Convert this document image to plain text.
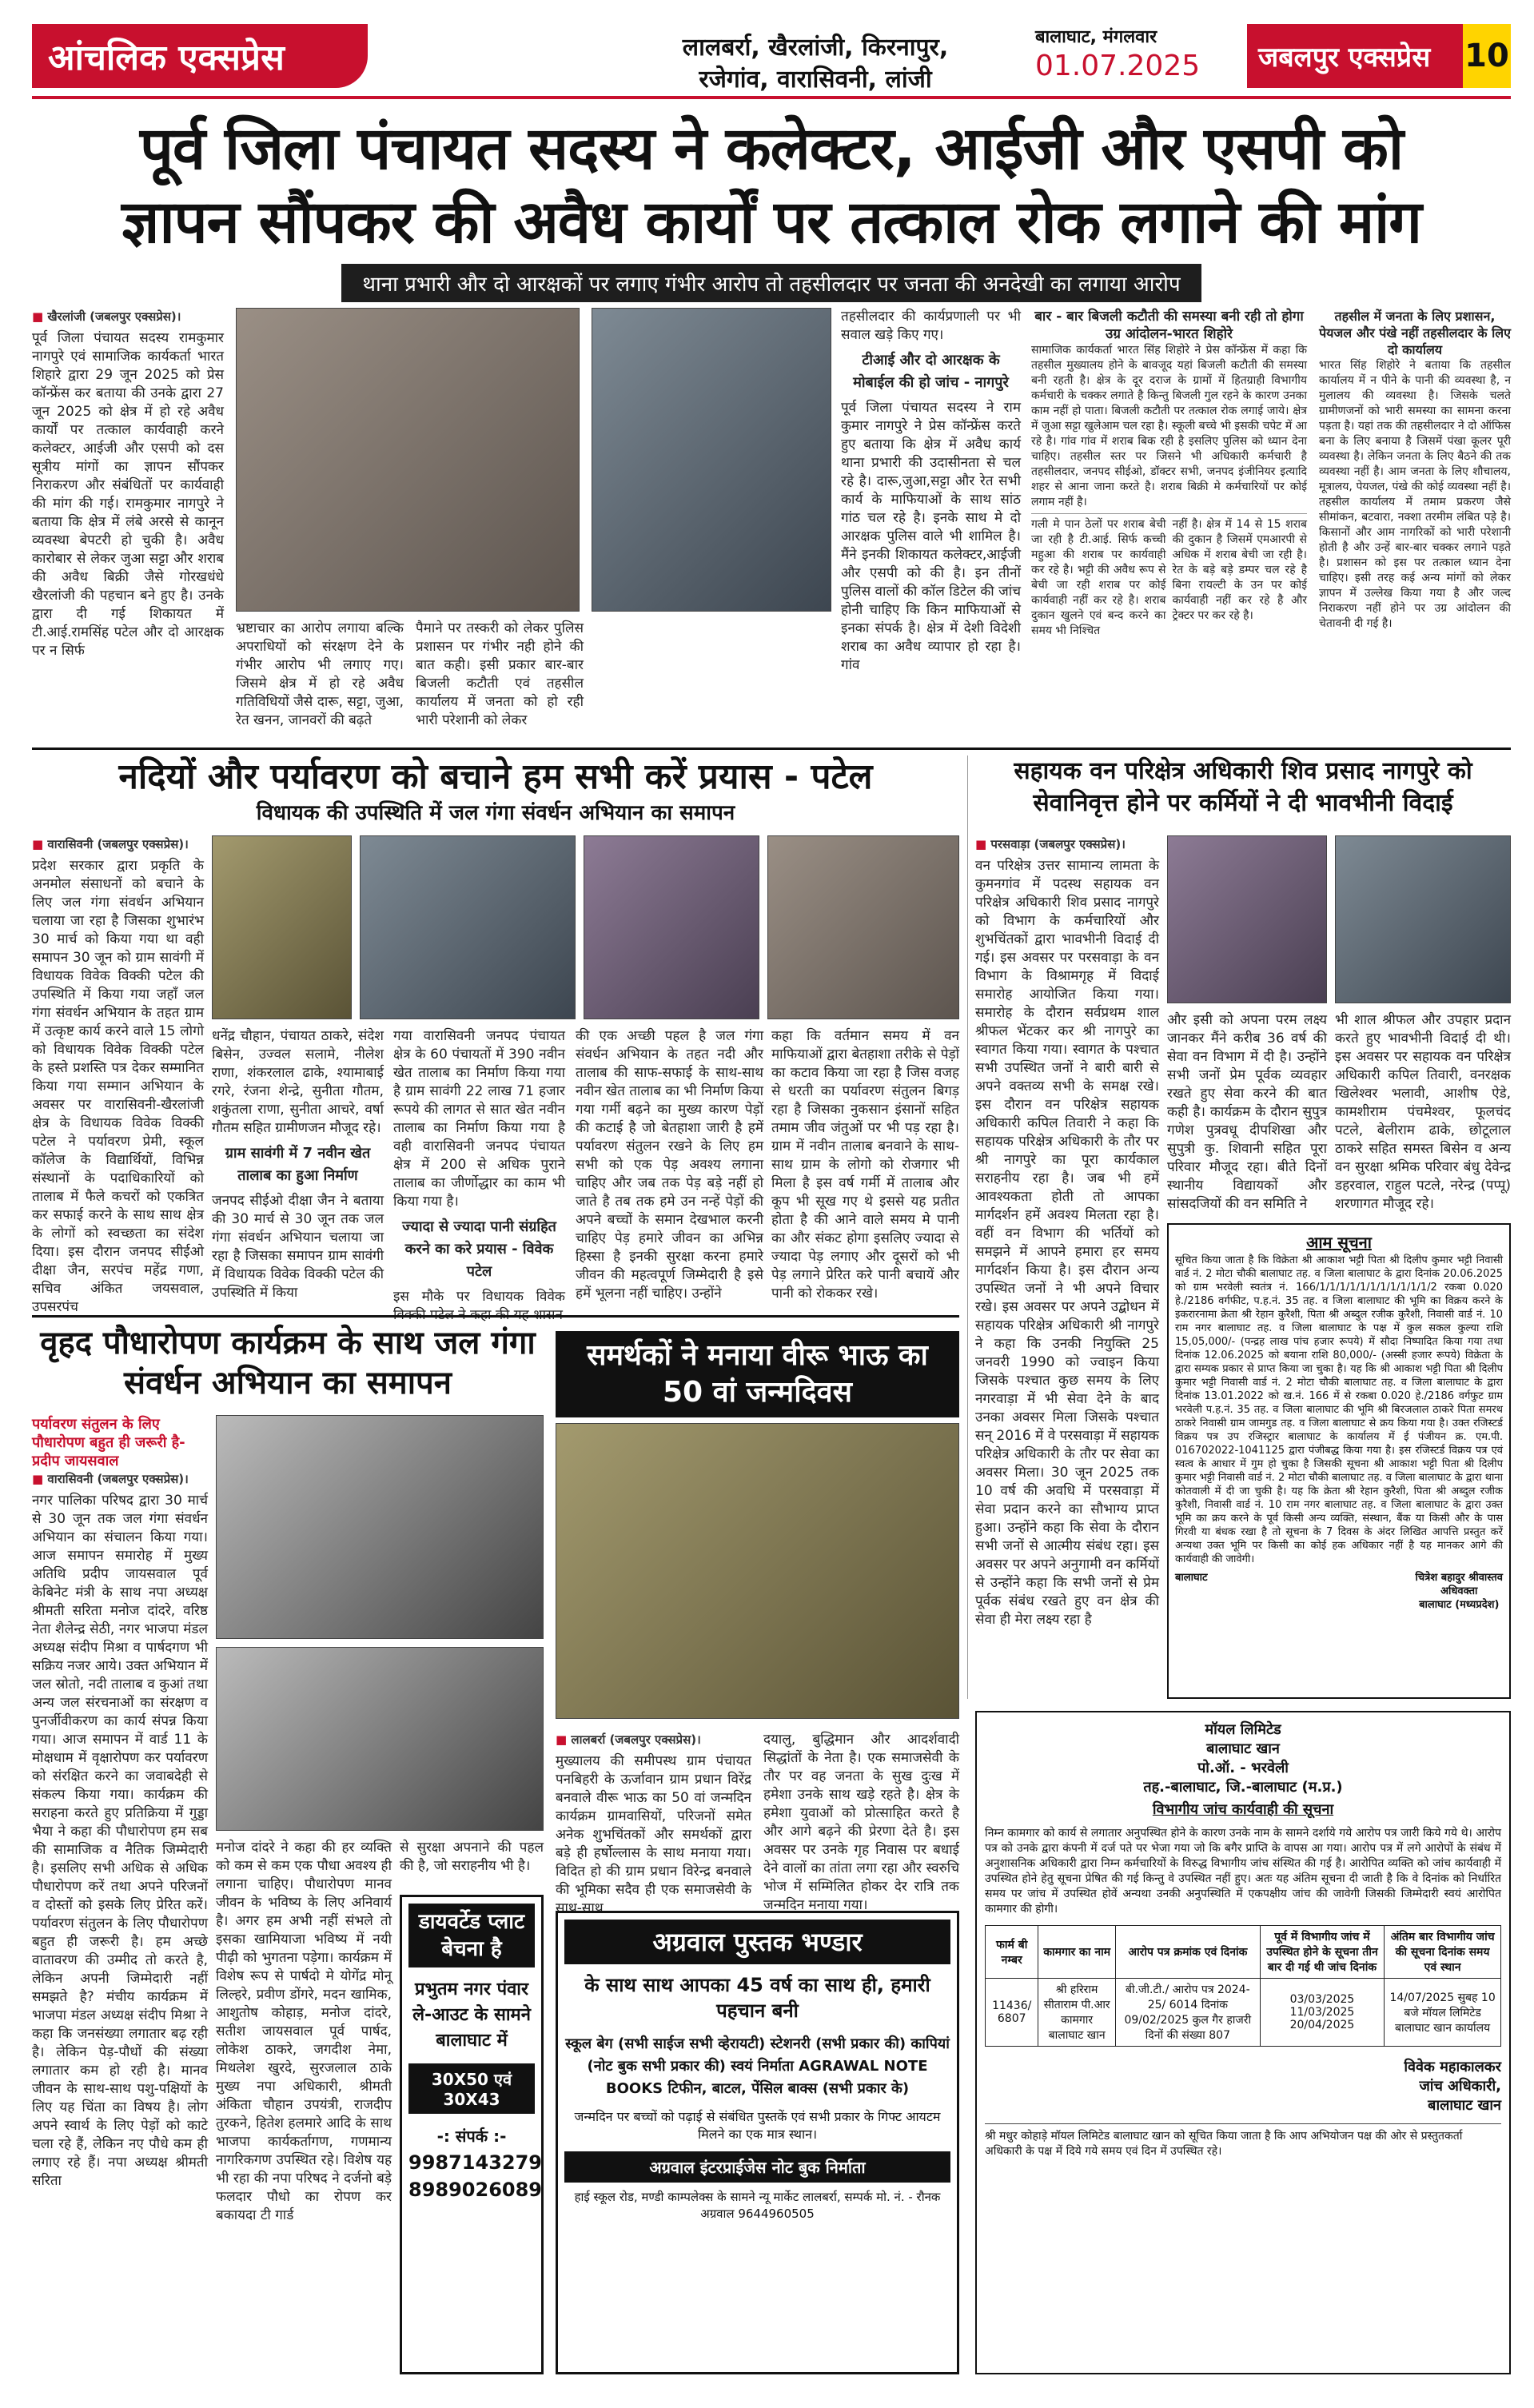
आंचलिक एक्सप्रेस	लालबर्रा, खैरलांजी, किरनापुर,
रजेगांव, वारासिवनी, लांजी
बालाघाट, मंगलवार
01.07.2025	जबलपुर एक्सप्रेस 10
पूर्व जिला पंचायत सदस्य ने कलेक्टर, आईजी और एसपी को
ज्ञापन सौंपकर की अवैध कार्यों पर तत्काल रोक लगाने की मांग
थाना प्रभारी और दो आरक्षकों पर लगाए गंभीर आरोप तो तहसीलदार पर जनता की अनदेखी का लगाया आरोप
■ खैरलांजी (जबलपुर एक्सप्रेस)।
पूर्व जिला पंचायत सदस्य रामकुमार नागपुरे एवं सामाजिक कार्यकर्ता भारत शिहारे द्वारा 29 जून 2025 को प्रेस कॉन्फ्रेंस कर बताया की उनके द्वारा 27 जून 2025 को क्षेत्र में हो रहे अवैध कार्यों पर तत्काल कार्यवाही करने कलेक्टर, आईजी और एसपी को दस सूत्रीय मांगों का ज्ञापन सौंपकर निराकरण और संबंधितों पर कार्यवाही की मांग की गई। रामकुमार नागपुरे ने बताया कि क्षेत्र में लंबे अरसे से कानून व्यवस्था बेपटरी हो चुकी है। अवैध कारोबार से लेकर जुआ सट्टा और शराब की अवैध बिक्री जैसे गोरखधंधे खैरलांजी की पहचान बने हुए है। उनके द्वारा दी गई शिकायत में टी.आई.रामसिंह पटेल और दो आरक्षक पर न सिर्फ
भ्रष्टाचार का आरोप लगाया बल्कि अपराधियों को संरक्षण देने के गंभीर आरोप भी लगाए गए। जिसमे क्षेत्र में हो रहे अवैध गतिविधियों जैसे दारू, सट्टा, जुआ, रेत खनन, जानवरों की बढ़ते
पैमाने पर तस्करी को लेकर पुलिस प्रशासन पर गंभीर नही होने की बात कही। इसी प्रकार बार-बार बिजली कटौती एवं तहसील कार्यालय में जनता को हो रही भारी परेशानी को लेकर
तहसीलदार की कार्यप्रणाली पर भी सवाल खड़े किए गए।
टीआई और दो आरक्षक के मोबाईल की हो जांच - नागपुरे
पूर्व जिला पंचायत सदस्य ने राम कुमार नागपुरे ने प्रेस कॉन्फ्रेंस करते हुए बताया कि क्षेत्र में अवैध कार्य थाना प्रभारी की उदासीनता से चल रहे है। दारू,जुआ,सट्टा और रेत सभी कार्य के माफियाओं के साथ सांठ गांठ चल रहे है। इनके साथ मे दो आरक्षक पुलिस वाले भी शामिल है। मैंने इनकी शिकायत कलेक्टर,आईजी और एसपी को की है। इन तीनों पुलिस वालों की कॉल डिटेल की जांच होनी चाहिए कि किन माफियाओं से इनका संपर्क है। क्षेत्र में देशी विदेशी शराब का अवैध व्यापार हो रहा है। गांव
बार - बार बिजली कटौती की समस्या बनी रही तो होगा उग्र आंदोलन-भारत शिहोरे
सामाजिक कार्यकर्ता भारत सिंह शिहोरे ने प्रेस कॉन्फ्रेंस में कहा कि तहसील मुख्यालय होने के बावजूद यहां बिजली कटौती की समस्या बनी रहती है। क्षेत्र के दूर दराज के ग्रामों में हितग्राही विभागीय कर्मचारी के चक्कर लगाते है किन्तु बिजली गुल रहने के कारण उनका काम नहीं हो पाता। बिजली कटौती पर तत्काल रोक लगाई जाये। क्षेत्र में जुआ सट्टा खुलेआम चल रहा है। स्कूली बच्चे भी इसकी चपेट में आ रहे है। गांव गांव में शराब बिक रही है इसलिए पुलिस को ध्यान देना चाहिए। तहसील स्तर पर जिसने भी अधिकारी कर्मचारी है तहसीलदार, जनपद सीईओ, डॉक्टर सभी, जनपद इंजीनियर इत्यादि शहर से आना जाना करते है। शराब बिक्री मे कर्मचारियों पर कोई लगाम नहीं है।
गली मे पान ठेलों पर शराब बेची जा रही है टी.आई. सिर्फ कच्ची महुआ की शराब पर कार्यवाही कर रहे है। भट्टी की अवैध रूप से बेची जा रही शराब पर कोई कार्यवाही नहीं कर रहे है। शराब दुकान खुलने एवं बन्द करने का समय भी निश्चित
नहीं है। क्षेत्र में 14 से 15 शराब की दुकान है जिसमें एमआरपी से अधिक में शराब बेची जा रही है। रेत के बड़े बड़े डम्पर चल रहे है बिना रायल्टी के उन पर कोई कार्यवाही नहीं कर रहे है और ट्रेक्टर पर कर रहे है।
तहसील में जनता के लिए प्रशासन, पेयजल और पंखे नहीं तहसीलदार के लिए दो कार्यालय
भारत सिंह शिहोरे ने बताया कि तहसील कार्यालय में न पीने के पानी की व्यवस्था है, न मुलालय की व्यवस्था है। जिसके चलते ग्रामीणजनों को भारी समस्या का सामना करना पड़ता है। यहां तक की तहसीलदार ने दो ऑफिस बना के लिए बनाया है जिसमें पंखा कूलर पूरी व्यवस्था है। लेकिन जनता के लिए बैठने की तक व्यवस्था नहीं है। आम जनता के लिए शौचालय, मूत्रालय, पेयजल, पंखे की कोई व्यवस्था नहीं है। तहसील कार्यालय में तमाम प्रकरण जैसे सीमांकन, बटवारा, नक्शा तरमीम लंबित पड़े है। किसानों और आम नागरिकों को भारी परेशानी होती है और उन्हें बार-बार चक्कर लगाने पड़ते है। प्रशासन को इस पर तत्काल ध्यान देना चाहिए। इसी तरह कई अन्य मांगों को लेकर ज्ञापन में उल्लेख किया गया है और जल्द निराकरण नहीं होने पर उग्र आंदोलन की चेतावनी दी गई है।
नदियों और पर्यावरण को बचाने हम सभी करें प्रयास - पटेल
विधायक की उपस्थिति में जल गंगा संवर्धन अभियान का समापन
■ वारासिवनी (जबलपुर एक्सप्रेस)।
प्रदेश सरकार द्वारा प्रकृति के अनमोल संसाधनों को बचाने के लिए जल गंगा संवर्धन अभियान चलाया जा रहा है जिसका शुभारंभ 30 मार्च को किया गया था वही समापन 30 जून को ग्राम सावंगी में विधायक विवेक विक्की पटेल की उपस्थिति में किया गया जहाँ जल गंगा संवर्धन अभियान के तहत ग्राम में उत्कृष्ट कार्य करने वाले 15 लोगो को विधायक विवेक विक्की पटेल के हस्ते प्रशस्ति पत्र देकर सम्मानित किया गया सम्मान अभियान के अवसर पर वारासिवनी-खैरलांजी क्षेत्र के विधायक विवेक विक्की पटेल ने पर्यावरण प्रेमी, स्कूल कॉलेज के विद्यार्थियों, विभिन्न संस्थानों के पदाधिकारियों को तालाब में फैले कचरों को एकत्रित कर सफाई करने के साथ साथ क्षेत्र के लोगों को स्वच्छता का संदेश दिया। इस दौरान जनपद सीईओ दीक्षा जैन, सरपंच महेंद्र गणा, सचिव अंकित जयसवाल, उपसरपंच
धनेंद्र चौहान, पंचायत ठाकरे, संदेश बिसेन, उज्वल सलामे, नीलेश राणा, शंकरलाल ढाके, श्यामाबाई रगरे, रंजना शेन्द्रे, सुनीता गौतम, शकुंतला राणा, सुनीता आचरे, वर्षा गौतम सहित ग्रामीणजन मौजूद रहे।
ग्राम सावंगी में 7 नवीन खेत तालाब का हुआ निर्माण
जनपद सीईओ दीक्षा जैन ने बताया की 30 मार्च से 30 जून तक जल गंगा संवर्धन अभियान चलाया जा रहा है जिसका समापन ग्राम सावंगी में विधायक विवेक विक्की पटेल की उपस्थिति में किया
गया वारासिवनी जनपद पंचायत क्षेत्र के 60 पंचायतों में 390 नवीन खेत तालाब का निर्माण किया गया है ग्राम सावंगी 22 लाख 71 हजार रूपये की लागत से सात खेत नवीन तालाब का निर्माण किया गया है वही वारासिवनी जनपद पंचायत क्षेत्र में 200 से अधिक पुराने तालाब का जीर्णोद्धार का काम भी किया गया है।
ज्यादा से ज्यादा पानी संग्रहित करने का करे प्रयास - विवेक पटेल
इस मौके पर विधायक विवेक
की एक अच्छी पहल है जल गंगा संवर्धन अभियान के तहत नदी और तालाब की साफ-सफाई के साथ-साथ नवीन खेत तालाब का भी निर्माण किया गया गर्मी बढ़ने का मुख्य कारण पेड़ों की कटाई है जो बेतहाशा जारी है हमें पर्यावरण संतुलन रखने के लिए हम सभी को एक पेड़ अवश्य लगाना चाहिए और जब तक पेड़ बड़े नहीं हो जाते है तब तक हमे उन नन्हें पेड़ों की अपने बच्चों के समान देखभाल करनी चाहिए पेड़ हमारे जीवन का अभिन्न हिस्सा है इनकी सुरक्षा करना हमारे जीवन की महत्वपूर्ण जिम्मेदारी है इसे हमें भूलना नहीं चाहिए। उन्होंने
कहा कि वर्तमान समय में वन माफियाओं द्वारा बेतहाशा तरीके से पेड़ों का कटाव किया जा रहा है जिस वजह से धरती का पर्यावरण संतुलन बिगड़ रहा है जिसका नुकसान इंसानों सहित तमाम जीव जंतुओं पर भी पड़ रहा है। ग्राम में नवीन तालाब बनवाने के साथ-साथ ग्राम के लोगो को रोजगार भी मिला है इस वर्ष गर्मी में तालाब और कूप भी सूख गए थे इससे यह प्रतीत होता है की आने वाले समय मे पानी का और संकट होगा इसलिए ज्यादा से ज्यादा पेड़ लगाए और दूसरों को भी पेड़ लगाने प्रेरित करे पानी बचायें और पानी को रोककर रखे।
सहायक वन परिक्षेत्र अधिकारी शिव प्रसाद नागपुरे को सेवानिवृत्त होने पर कर्मियों ने दी भावभीनी विदाई
■ परसवाड़ा (जबलपुर एक्सप्रेस)।
वन परिक्षेत्र उत्तर सामान्य लामता के कुमनगांव में पदस्थ सहायक वन परिक्षेत्र अधिकारी शिव प्रसाद नागपुरे को विभाग के कर्मचारियों और शुभचिंतकों द्वारा भावभीनी विदाई दी गई। इस अवसर पर परसवाड़ा के वन विभाग के विश्रामगृह में विदाई समारोह आयोजित किया गया। समारोह के दौरान सर्वप्रथम शाल श्रीफल भेंटकर कर श्री नागपुरे का स्वागत किया गया। स्वागत के पश्चात सभी उपस्थित जनों ने बारी बारी से अपने वक्तव्य सभी के समक्ष रखे। इस दौरान वन परिक्षेत्र सहायक अधिकारी कपिल तिवारी ने कहा कि सहायक परिक्षेत्र अधिकारी के तौर पर श्री नागपुरे का पूरा कार्यकाल सराहनीय रहा है। जब भी हमें आवश्यकता होती तो आपका मार्गदर्शन हमें अवश्य मिलता रहा है। वहीं वन विभाग की भर्तियों को समझने में आपने हमारा हर समय मार्गदर्शन किया है। इस दौरान अन्य उपस्थित जनों ने भी अपने विचार रखे। इस अवसर पर अपने उद्बोधन में सहायक परिक्षेत्र अधिकारी श्री नागपुरे ने कहा कि उनकी नियुक्ति 25 जनवरी 1990 को ज्वाइन किया जिसके पश्चात कुछ समय के लिए नगरवाड़ा में भी सेवा देने के बाद उनका अवसर मिला जिसके पश्चात सन् 2016 में वे परसवाड़ा में सहायक परिक्षेत्र अधिकारी के तौर पर सेवा का अवसर मिला। 30 जून 2025 तक 10 वर्ष की अवधि में परसवाड़ा में सेवा प्रदान करने का सौभाग्य प्राप्त हुआ। उन्होंने कहा कि सेवा के दौरान सभी जनों से आत्मीय संबंध रहा। इस अवसर पर अपने अनुगामी वन कर्मियों से उन्होंने कहा कि सभी जनों से प्रेम पूर्वक संबंध रखते हुए वन क्षेत्र की सेवा ही मेरा लक्ष्य रहा है
और इसी को अपना परम लक्ष्य जानकर मैंने करीब 36 वर्ष की सेवा वन विभाग में दी है। उन्होंने सभी जनों प्रेम पूर्वक व्यवहार रखते हुए सेवा करने की बात कही है। कार्यक्रम के दौरान सुपुत्र गणेश पुत्रवधू दीपशिखा और सुपुत्री कु. शिवानी सहित पूरा परिवार मौजूद रहा। बीते दिनों स्थानीय विद्यायकों और सांसदजियों की वन समिति ने
भी शाल श्रीफल और उपहार प्रदान करते हुए भावभीनी विदाई दी थी। इस अवसर पर सहायक वन परिक्षेत्र अधिकारी कपिल तिवारी, वनरक्षक खिलेश्वर भलावी, आशीष ऐडे, कामशीराम पंचमेश्वर, फूलचंद पटले, बेलीराम ढाके, छोटूलाल ठाकरे सहित समस्त बिसेन व अन्य वन सुरक्षा श्रमिक परिवार बंधु देवेन्द्र डहरवाल, राहुल पटले, नरेन्द्र (पप्पू) शरणागत मौजूद रहे।
आम सूचना
सूचित किया जाता है कि विक्रेता श्री आकाश भट्टी पिता श्री दिलीप कुमार भट्टी निवासी वार्ड नं. 2 मोटा चौकी बालाघाट तह. व जिला बालाघाट के द्वारा दिनांक 20.06.2025 को ग्राम भरवेली स्वतंत्र नं. 166/1/1/1/1/1/1/1/1/1/1/1/2 रकबा 0.020 हे./2186 वर्गफीट, प.ह.नं. 35 तह. व जिला बालाघाट की भूमि का विक्रय करने के इकरारनामा क्रेता श्री रेहान कुरैशी, पिता श्री अब्दुल रजीक कुरैशी, निवासी वार्ड नं. 10 राम नगर बालाघाट तह. व जिला बालाघाट के पक्ष में कुल सकल कुल्या राशि 15,05,000/- (पन्द्रह लाख पांच हजार रूपये) में सौदा निष्पादित किया गया तथा दिनांक 12.06.2025 को बयाना राशि 80,000/- (अस्सी हजार रूपये) विक्रेता के द्वारा सम्यक प्रकार से प्राप्त किया जा चुका है। यह कि श्री आकाश भट्टी पिता श्री दिलीप कुमार भट्टी निवासी वार्ड नं. 2 मोटा चौकी बालाघाट तह. व जिला बालाघाट के द्वारा दिनांक 13.01.2022 को ख.नं. 166 में से रकबा 0.020 हे./2186 वर्गफुट ग्राम भरवेली प.ह.नं. 35 तह. व जिला बालाघाट की भूमि श्री बिरजलाल ठाकरे पिता समरथ ठाकरे निवासी ग्राम जामगुड तह. व जिला बालाघाट से क्रय किया गया है। उक्त रजिस्टर्ड विक्रय पत्र उप रजिस्ट्रार बालाघाट के कार्यालय में ई पंजीयन क्र. एम.पी. 016702022-1041125 द्वारा पंजीबद्ध किया गया है। इस रजिस्टर्ड विक्रय पत्र एवं स्वत्व के आधार में गुम हो चुका है जिसकी सूचना श्री आकाश भट्टी पिता श्री दिलीप कुमार भट्टी निवासी वार्ड नं. 2 मोटा चौकी बालाघाट तह. व जिला बालाघाट के द्वारा थाना कोतवाली में दी जा चुकी है। यह कि क्रेता श्री रेहान कुरैशी, पिता श्री अब्दुल रजीक कुरैशी, निवासी वार्ड नं. 10 राम नगर बालाघाट तह. व जिला बालाघाट के द्वारा उक्त भूमि का क्रय करने के पूर्व किसी अन्य व्यक्ति, संस्थान, बैंक या किसी और के पास गिरवी या बंधक रखा है तो सूचना के 7 दिवस के अंदर लिखित आपत्ति प्रस्तुत करें अन्यथा उक्त भूमि पर किसी का कोई हक अधिकार नहीं है यह मानकर आगे की कार्यवाही की जावेगी।
बालाघाट	चित्रेश बहादुर श्रीवास्तव
अधिवक्ता
बालाघाट (मध्यप्रदेश)
वृहद पौधारोपण कार्यक्रम के साथ जल गंगा संवर्धन अभियान का समापन
पर्यावरण संतुलन के लिए पौधारोपण बहुत ही जरूरी है-प्रदीप जायसवाल
■ वारासिवनी (जबलपुर एक्सप्रेस)।
नगर पालिका परिषद द्वारा 30 मार्च से 30 जून तक जल गंगा संवर्धन अभियान का संचालन किया गया। आज समापन समारोह में मुख्य अतिथि प्रदीप जायसवाल पूर्व केबिनेट मंत्री के साथ नपा अध्यक्ष श्रीमती सरिता मनोज दांदरे, वरिष्ठ नेता शैलेन्द्र सेठी, नगर भाजपा मंडल अध्यक्ष संदीप मिश्रा व पार्षदगण भी सक्रिय नजर आये। उक्त अभियान में जल स्रोतो, नदी तालाब व कुआं तथा अन्य जल संरचनाओं का संरक्षण व पुनर्जीवीकरण का कार्य संपन्न किया गया। आज समापन में वार्ड 11 के मोक्षधाम में वृक्षारोपण कर पर्यावरण को संरक्षित करने का जवाबदेही से संकल्प किया गया। कार्यक्रम की सराहना करते हुए प्रतिक्रिया में गुड्डा भैया ने कहा की पौधारोपण हम सब की सामाजिक व नैतिक जिम्मेदारी है। इसलिए सभी अधिक से अधिक पौधारोपण करें तथा अपने परिजनों व दोस्तों को इसके लिए प्रेरित करें। पर्यावरण संतुलन के लिए पौधारोपण बहुत ही जरूरी है। हम अच्छे वातावरण की उम्मीद तो करते है, लेकिन अपनी जिम्मेदारी नहीं समझते है? मंचीय कार्यक्रम में भाजपा मंडल अध्यक्ष संदीप मिश्रा ने कहा कि जनसंख्या लगातार बढ़ रही है। लेकिन पेड़-पौधों की संख्या लगातार कम हो रही है। मानव जीवन के साथ-साथ पशु-पक्षियों के लिए यह चिंता का विषय है। लोग अपने स्वार्थ के लिए पेड़ों को काटे चला रहे हैं, लेकिन नए पौधे कम ही लगाए रहे हैं। नपा अध्यक्ष श्रीमती सरिता
मनोज दांदरे ने कहा की हर व्यक्ति को कम से कम एक पौधा अवश्य ही लगाना चाहिए। पौधारोपण मानव जीवन के भविष्य के लिए अनिवार्य है। अगर हम अभी नहीं संभले तो इसका खामियाजा भविष्य में नयी पीढ़ी को भुगतना पड़ेगा। कार्यक्रम में विशेष रूप से पार्षदो मे योगेंद्र मोनू लिल्हरे, प्रवीण डोंगरे, मदन खामिक, आशुतोष कोहाड़, मनोज दांदरे, सतीश जायसवाल पूर्व पार्षद, लोकेश ठाकरे, जगदीश नेमा, मिथलेश खुरदे, सुरजलाल ठाके मुख्य नपा अधिकारी, श्रीमती अंकिता चौहान उपयंत्री, राजदीप तुरकने, हितेश हलमारे आदि के साथ भाजपा कार्यकर्तागण, गणमान्य नागरिकगण उपस्थित रहे। विशेष यह भी रहा की नपा परिषद ने दर्जनो बड़े फलदार पौधो का रोपण कर बकायदा टी गार्ड
से सुरक्षा अपनाने की पहल की है, जो सराहनीय भी है।
डायवर्टेड प्लाट बेचना है
प्रभुतम नगर पंवार ले-आउट के सामने बालाघाट में
30X50 एवं 30X43
-: संपर्क :-
9987143279
8989026089
समर्थकों ने मनाया वीरू भाऊ का 50 वां जन्मदिवस
■ लालबर्रा (जबलपुर एक्सप्रेस)।
मुख्यालय की समीपस्थ ग्राम पंचायत पनबिहरी के ऊर्जावान ग्राम प्रधान विरेंद्र बनवाले वीरू भाऊ का 50 वां जन्मदिन कार्यक्रम ग्रामवासियों, परिजनों समेत अनेक शुभचिंतकों और समर्थकों द्वारा बड़े ही हर्षोल्लास के साथ मनाया गया। विदित हो की ग्राम प्रधान विरेन्द्र बनवाले की भूमिका सदैव ही एक समाजसेवी के साथ-साथ
दयालु, बुद्धिमान और आदर्शवादी सिद्धांतों के नेता है। एक समाजसेवी के तौर पर वह जनता के सुख दुःख में हमेशा उनके साथ खड़े रहते है। क्षेत्र के हमेशा युवाओं को प्रोत्साहित करते है और आगे बढ़ने की प्रेरणा देते है। इस अवसर पर उनके गृह निवास पर बधाई देने वालों का तांता लगा रहा और स्वरुचि भोज में सम्मिलित होकर देर रात्रि तक जन्मदिन मनाया गया।
अग्रवाल पुस्तक भण्डार
के साथ साथ आपका 45 वर्ष का साथ ही, हमारी पहचान बनी
स्कूल बेग (सभी साईज सभी व्हेरायटी) स्टेशनरी (सभी प्रकार की) कापियां (नोट बुक सभी प्रकार की) स्वयं निर्माता AGRAWAL NOTE BOOKS टिफीन, बाटल, पेंसिल बाक्स (सभी प्रकार के)
जन्मदिन पर बच्चों को पढ़ाई से संबंधित पुस्तकें एवं सभी प्रकार के गिफ्ट आयटम मिलने का एक मात्र स्थान।
अग्रवाल इंटरप्राईजेस नोट बुक निर्माता
हाई स्कूल रोड, मण्डी काम्पलेक्स के सामने न्यू मार्केट लालबर्रा, सम्पर्क मो. नं. - रौनक अग्रवाल 9644960505
मॉयल लिमिटेड
बालाघाट खान
पो.ऑ. - भरवेली
तह.-बालाघाट, जि.-बालाघाट (म.प्र.)
विभागीय जांच कार्यवाही की सूचना
निम्न कामगार को कार्य से लगातार अनुपस्थित होने के कारण उनके नाम के सामने दर्शाये गये आरोप पत्र जारी किये गये थे। आरोप पत्र को उनके द्वारा कंपनी में दर्ज पते पर भेजा गया जो कि बगैर प्राप्ति के वापस आ गया। आरोप पत्र में लगे आरोपों के संबंध में अनुशासनिक अधिकारी द्वारा निम्न कर्मचारियों के विरुद्ध विभागीय जांच संस्थित की गई है। आरोपित व्यक्ति को जांच कार्यवाही में उपस्थित होने हेतु सूचना प्रेषित की गई किन्तु वे उपस्थित नहीं हुए। अतः यह अंतिम सूचना दी जाती है कि वे दिनांक को निर्धारित समय पर जांच में उपस्थित होवें अन्यथा उनकी अनुपस्थिति में एकपक्षीय जांच की जावेगी जिसकी जिम्मेदारी स्वयं आरोपित कामगार की होगी।
फार्म बी नम्बर	कामगार का नाम	आरोप पत्र क्रमांक एवं दिनांक	पूर्व में विभागीय जांच में उपस्थित होने के सूचना तीन बार दी गई थी जांच दिनांक	अंतिम बार विभागीय जांच की सूचना दिनांक समय एवं स्थान
11436/ 6807	श्री हरिराम सीताराम पी.आर कामगार बालाघाट खान	बी.जी.टी./ आरोप पत्र 2024-25/ 6014 दिनांक 09/02/2025 कुल गैर हाजरी दिनों की संख्या 807	03/03/2025 11/03/2025 20/04/2025	14/07/2025 सुबह 10 बजे मॉयल लिमिटेड बालाघाट खान कार्यालय
विवेक महाकालकर
जांच अधिकारी,
बालाघाट खान
श्री मधुर कोहाड़े मॉयल लिमिटेड बालाघाट खान को सूचित किया जाता है कि आप अभियोजन पक्ष की ओर से प्रस्तुतकर्ता अधिकारी के पक्ष में दिये गये समय एवं दिन में उपस्थित रहे।
